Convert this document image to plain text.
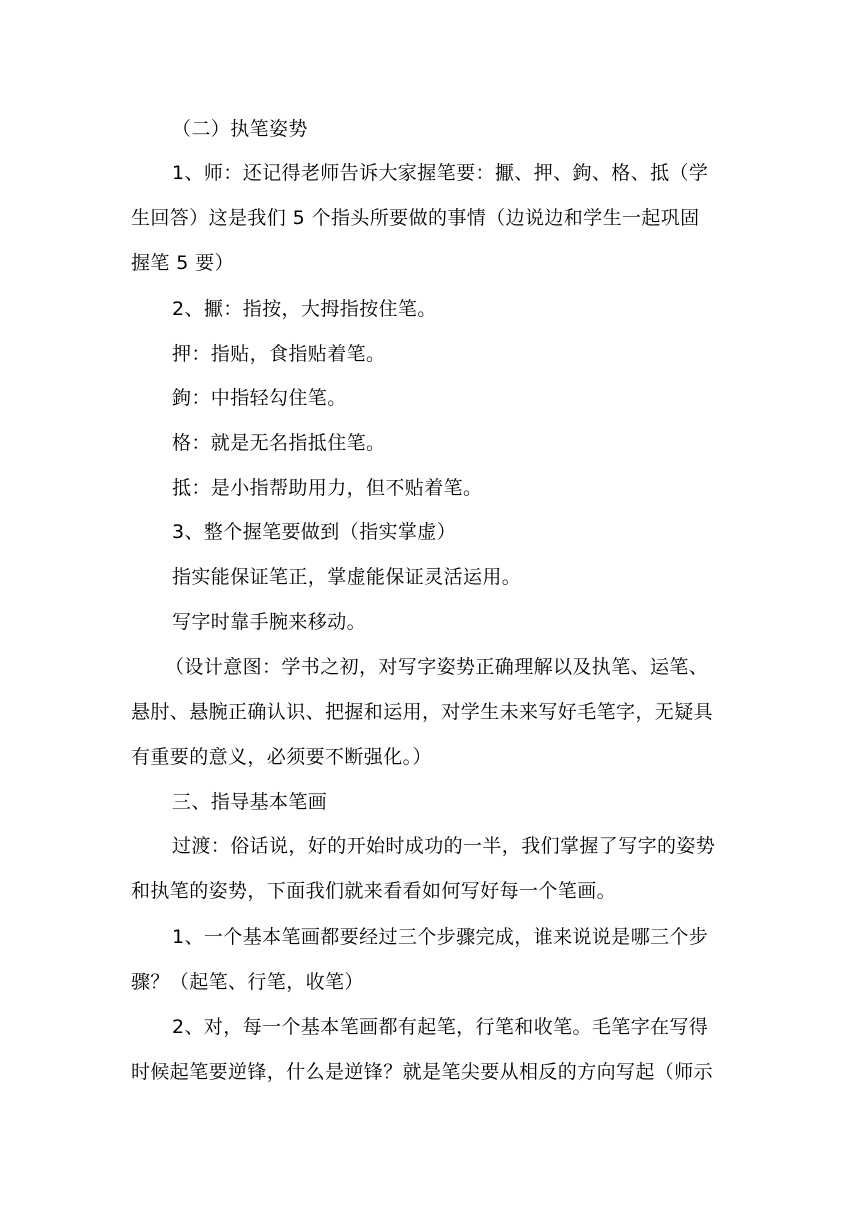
（二）执笔姿势
1、师：还记得老师告诉大家握笔要：擫、押、鉤、格、抵（学
生回答）这是我们 5 个指头所要做的事情（边说边和学生一起巩固
握笔 5 要）
2、擫：指按，大拇指按住笔。
押：指贴，食指贴着笔。
鉤：中指轻勾住笔。
格：就是无名指抵住笔。
抵：是小指帮助用力，但不贴着笔。
3、整个握笔要做到（指实掌虚）
指实能保证笔正，掌虚能保证灵活运用。
写字时靠手腕来移动。
（设计意图：学书之初，对写字姿势正确理解以及执笔、运笔、
悬肘、悬腕正确认识、把握和运用，对学生未来写好毛笔字，无疑具
有重要的意义，必须要不断强化。）
三、指导基本笔画
过渡：俗话说，好的开始时成功的一半，我们掌握了写字的姿势
和执笔的姿势，下面我们就来看看如何写好每一个笔画。
1、一个基本笔画都要经过三个步骤完成，谁来说说是哪三个步
骤？（起笔、行笔，收笔）
2、对，每一个基本笔画都有起笔，行笔和收笔。毛笔字在写得
时候起笔要逆锋，什么是逆锋？就是笔尖要从相反的方向写起（师示
